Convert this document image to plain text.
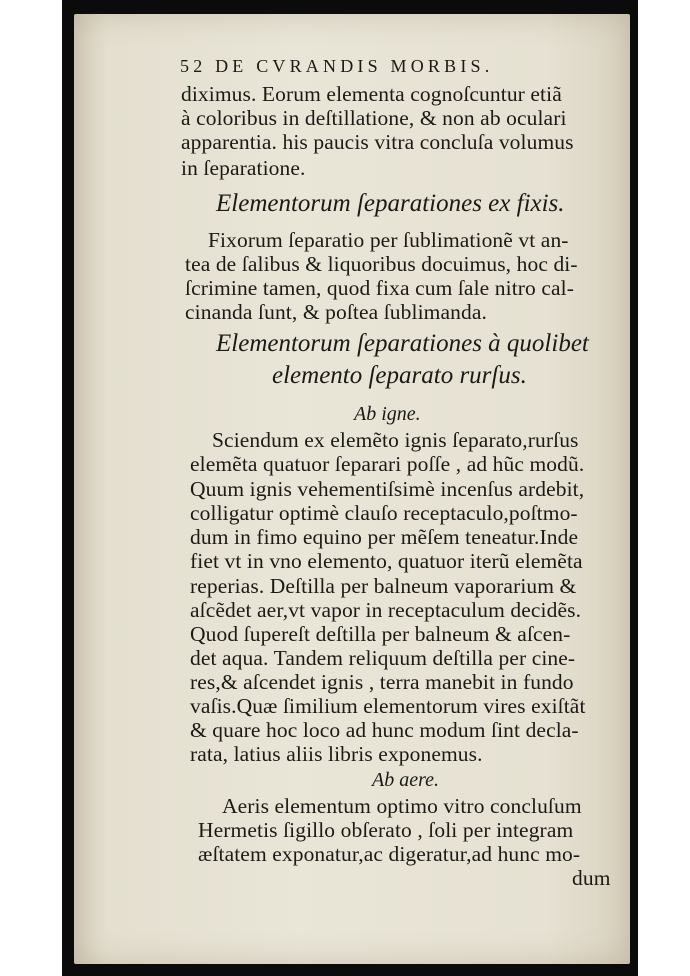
52 DE CVRANDIS MORBIS.
diximus. Eorum elementa cognoſcuntur etiã
à coloribus in deſtillatione, & non ab oculari
apparentia. his paucis vitra concluſa volumus
in ſeparatione.
Elementorum ſeparationes ex fixis.
Fixorum ſeparatio per ſublimationẽ vt an-
tea de ſalibus & liquoribus docuimus, hoc di-
ſcrimine tamen, quod fixa cum ſale nitro cal-
cinanda ſunt, & poſtea ſublimanda.
Elementorum ſeparationes à quolibet
elemento ſeparato rurſus.
Ab igne.
Sciendum ex elemẽto ignis ſeparato,rurſus
elemẽta quatuor ſeparari poſſe , ad hũc modũ.
Quum ignis vehementiſsimè incenſus ardebit,
colligatur optimè clauſo receptaculo,poſtmo-
dum in fimo equino per mẽſem teneatur.Inde
fiet vt in vno elemento, quatuor iterũ elemẽta
reperias. Deſtilla per balneum vaporarium &
aſcẽdet aer,vt vapor in receptaculum decidẽs.
Quod ſupereſt deſtilla per balneum & aſcen-
det aqua. Tandem reliquum deſtilla per cine-
res,& aſcendet ignis , terra manebit in fundo
vaſis.Quæ ſimilium elementorum vires exiſtãt
& quare hoc loco ad hunc modum ſint decla-
rata, latius aliis libris exponemus.
Ab aere.
Aeris elementum optimo vitro concluſum
Hermetis ſigillo obſerato , ſoli per integram
æſtatem exponatur,ac digeratur,ad hunc mo-
dum
